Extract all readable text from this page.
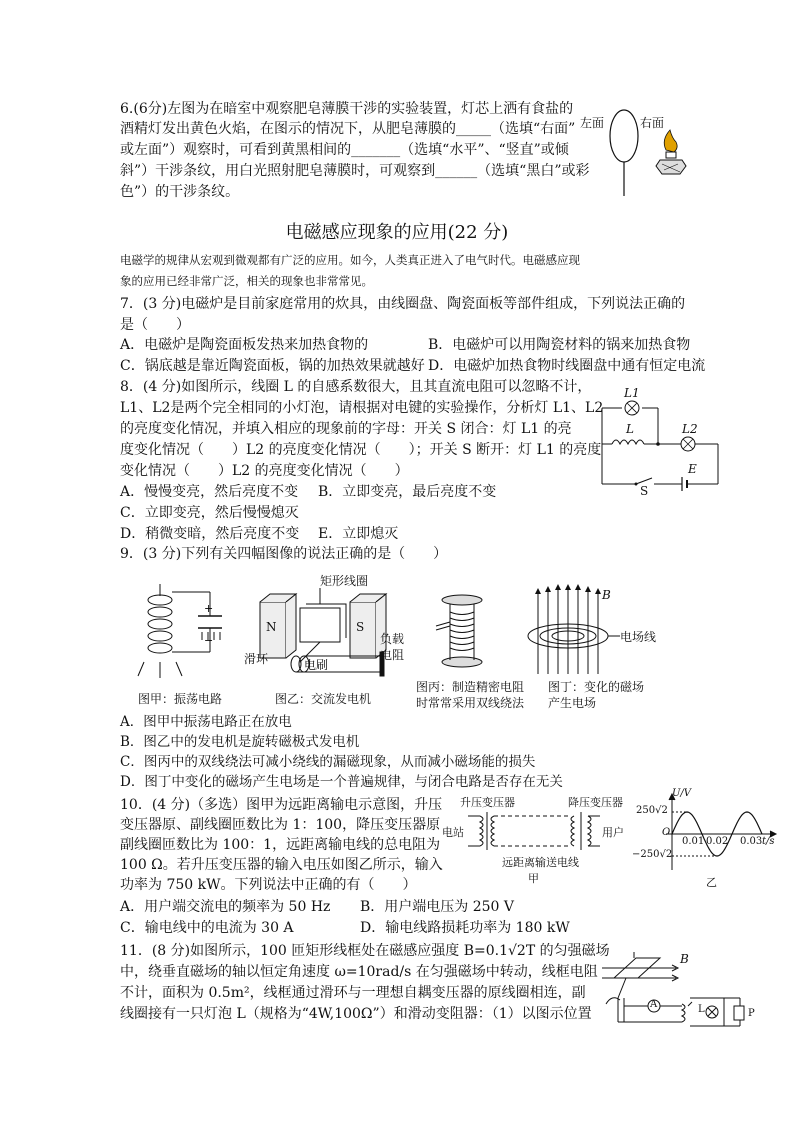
6.(6分)左图为在暗室中观察肥皂薄膜干涉的实验装置，灯芯上洒有食盐的
酒精灯发出黄色火焰，在图示的情况下，从肥皂薄膜的_____（选填“右面”
或左面”）观察时，可看到黄黑相间的_______（选填“水平”、“竖直”或倾
斜”）干涉条纹，用白光照射肥皂薄膜时，可观察到______（选填“黑白”或彩
色”）的干涉条纹。
左面	右面
电磁感应现象的应用(22 分)
电磁学的规律从宏观到微观都有广泛的应用。如今，人类真正进入了电气时代。电磁感应现
象的应用已经非常广泛，相关的现象也非常常见。
7．(3 分)电磁炉是目前家庭常用的炊具，由线圈盘、陶瓷面板等部件组成，下列说法正确的
是（　　）
A．电磁炉是陶瓷面板发热来加热食物的	B．电磁炉可以用陶瓷材料的锅来加热食物
C．锅底越是靠近陶瓷面板，锅的加热效果就越好 D．电磁炉加热食物时线圈盘中通有恒定电流
8．(4 分)如图所示，线圈 L 的自感系数很大，且其直流电阻可以忽略不计，
L1、L2是两个完全相同的小灯泡，请根据对电键的实验操作，分析灯 L1、L2
的亮度变化情况，并填入相应的现象前的字母：开关 S 闭合：灯 L1 的亮
度变化情况（　　）L2 的亮度变化情况（　　）；开关 S 断开：灯 L1 的亮度
变化情况（　　）L2 的亮度变化情况（　　）
A．慢慢变亮，然后亮度不变 B．立即变亮，最后亮度不变
C．立即变亮，然后慢慢熄灭
D．稍微变暗，然后亮度不变 E．立即熄灭
L1
L	L2
E
S
9．(3 分)下列有关四幅图像的说法正确的是（　　）
+
−
图甲：振荡电路
矩形线圈
N	S
滑环	电刷
负载
电阻
图乙：交流发电机
图丙：制造精密电阻
时常常采用双线绕法
B
电场线
图丁：变化的磁场
产生电场
A．图甲中振荡电路正在放电
B．图乙中的发电机是旋转磁极式发电机
C．图丙中的双线绕法可减小绕线的漏磁现象，从而减小磁场能的损失
D．图丁中变化的磁场产生电场是一个普遍规律，与闭合电路是否存在无关
10．(4 分)（多选）图甲为远距离输电示意图，升压
变压器原、副线圈匝数比为 1：100，降压变压器原
副线圈匝数比为 100：1，远距离输电线的总电阻为
100 Ω。若升压变压器的输入电压如图乙所示，输入
功率为 750 kW。下列说法中正确的有（　　）
A．用户端交流电的频率为 50 Hz B．用户端电压为 250 V
C．输电线中的电流为 30 A	D．输电线路损耗功率为 180 kW
升压变压器	降压变压器
电站	用户
远距离输送电线
甲
U/V
250√2
−250√2
O
0.01 0.02 0.03 t/s
乙
11．(8 分)如图所示，100 匝矩形线框处在磁感应强度 B=0.1√2T 的匀强磁场
中，绕垂直磁场的轴以恒定角速度 ω=10rad/s 在匀强磁场中转动，线框电阻
不计，面积为 0.5m²，线框通过滑环与一理想自耦变压器的原线圈相连，副
线圈接有一只灯泡 L（规格为“4W,100Ω”）和滑动变阻器：（1）以图示位置
B
A	L	P
